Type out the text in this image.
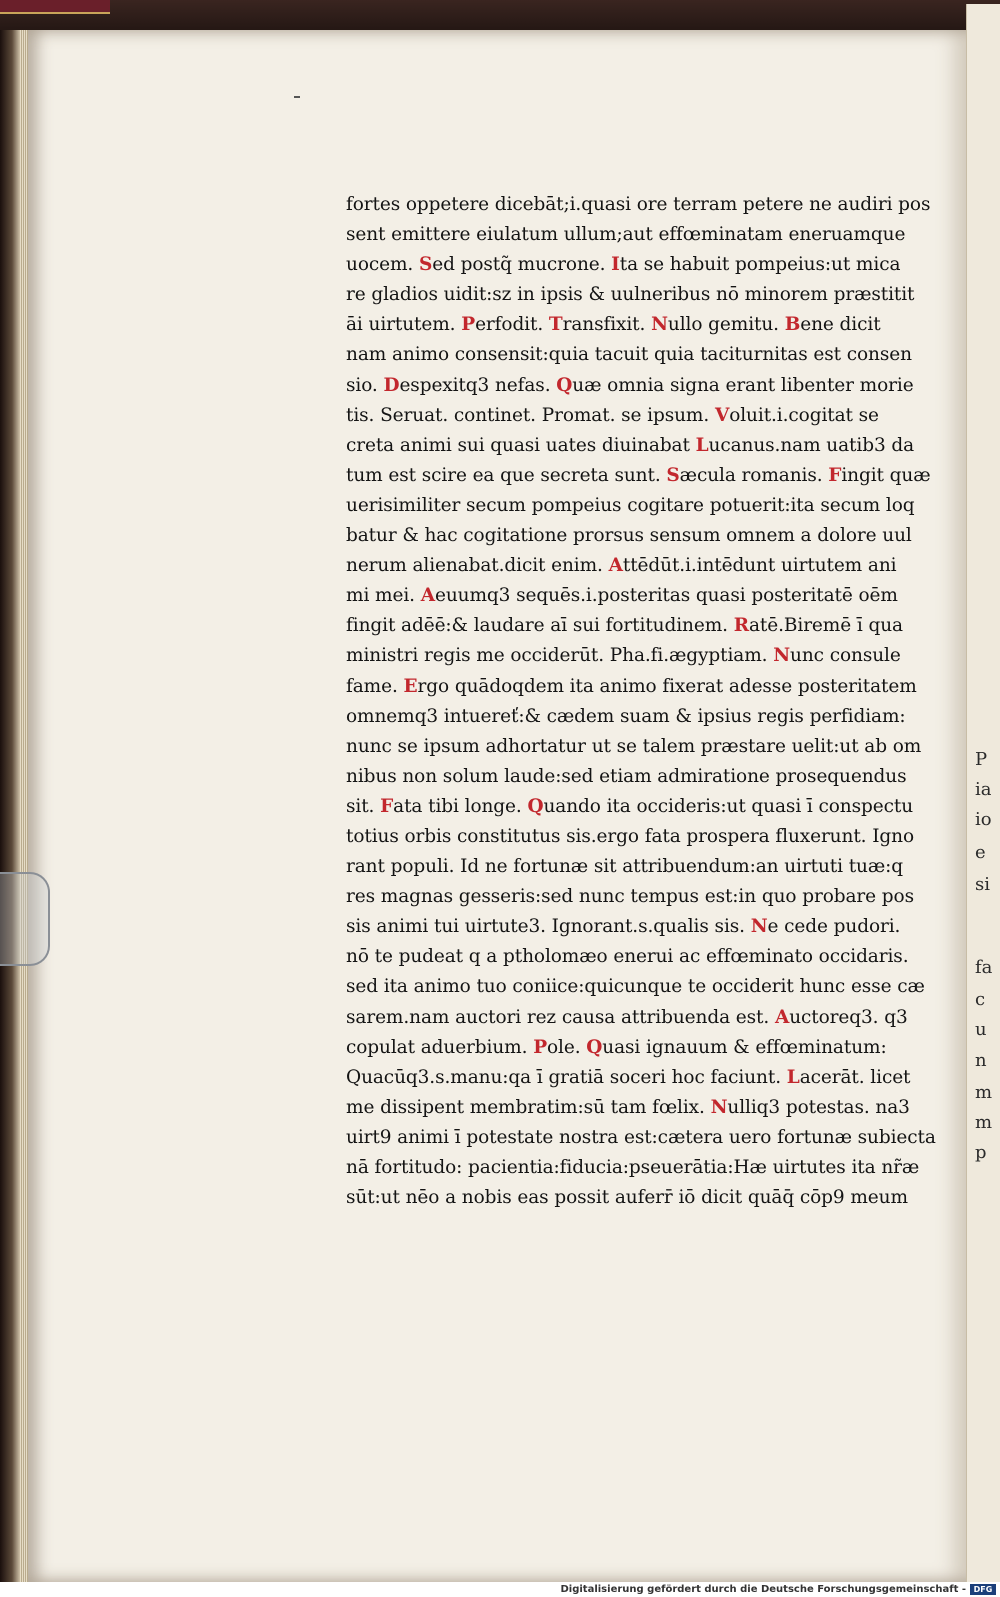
fortes oppetere dicebāt;i.quasi ore terram petere ne audiri pos
sent emittere eiulatum ullum;aut effœminatam eneruamque
uocem. Sed postq̃ mucrone. Ita se habuit pompeius:ut mica
re gladios uidit:sz in ipsis & uulneribus nō minorem præstitit
āi uirtutem. Perfodit. Transfixit. Nullo gemitu. Bene dicit
nam animo consensit:quia tacuit quia taciturnitas est consen
sio. Despexitq3 nefas. Quæ omnia signa erant libenter morie
tis. Seruat. continet. Promat. se ipsum. Voluit.i.cogitat se
creta animi sui quasi uates diuinabat Lucanus.nam uatib3 da
tum est scire ea que secreta sunt. Sæcula romanis. Fingit quæ
uerisimiliter secum pompeius cogitare potuerit:ita secum loq
batur & hac cogitatione prorsus sensum omnem a dolore uul
nerum alienabat.dicit enim. Attēdūt.i.intēdunt uirtutem ani
mi mei. Aeuumq3 sequēs.i.posteritas quasi posteritatē oēm
fingit adēē:& laudare aī sui fortitudinem. Ratē.Biremē ī qua
ministri regis me occiderūt. Pha.fi.ægyptiam. Nunc consule
fame. Ergo quādoqdem ita animo fixerat adesse posteritatem
omnemq3 intuereť:& cædem suam & ipsius regis perfidiam:
nunc se ipsum adhortatur ut se talem præstare uelit:ut ab om
nibus non solum laude:sed etiam admiratione prosequendus
sit. Fata tibi longe. Quando ita occideris:ut quasi ī conspectu
totius orbis constitutus sis.ergo fata prospera fluxerunt. Igno
rant populi. Id ne fortunæ sit attribuendum:an uirtuti tuæ:q
res magnas gesseris:sed nunc tempus est:in quo probare pos
sis animi tui uirtute3. Ignorant.s.qualis sis. Ne cede pudori.
nō te pudeat q a ptholomæo enerui ac effœminato occidaris.
sed ita animo tuo coniice:quicunque te occiderit hunc esse cæ
sarem.nam auctori rez causa attribuenda est. Auctoreq3. q3
copulat aduerbium. Pole. Quasi ignauum & effœminatum:
Quacūq3.s.manu:qa ī gratiā soceri hoc faciunt. Lacerāt. licet
me dissipent membratim:sū tam fœlix. Nulliq3 potestas. na3
uirt9 animi ī potestate nostra est:cætera uero fortunæ subiecta
nā fortitudo: pacientia:fiducia:pseuerātia:Hæ uirtutes ita nr̃æ
sūt:ut nēo a nobis eas possit auferr̄ iō dicit quāq̄ cōp9 meum
P
ia
io
e
si
fa
c
u
n
m
m
p
Digitalisierung gefördert durch die Deutsche Forschungsgemeinschaft - DFG
